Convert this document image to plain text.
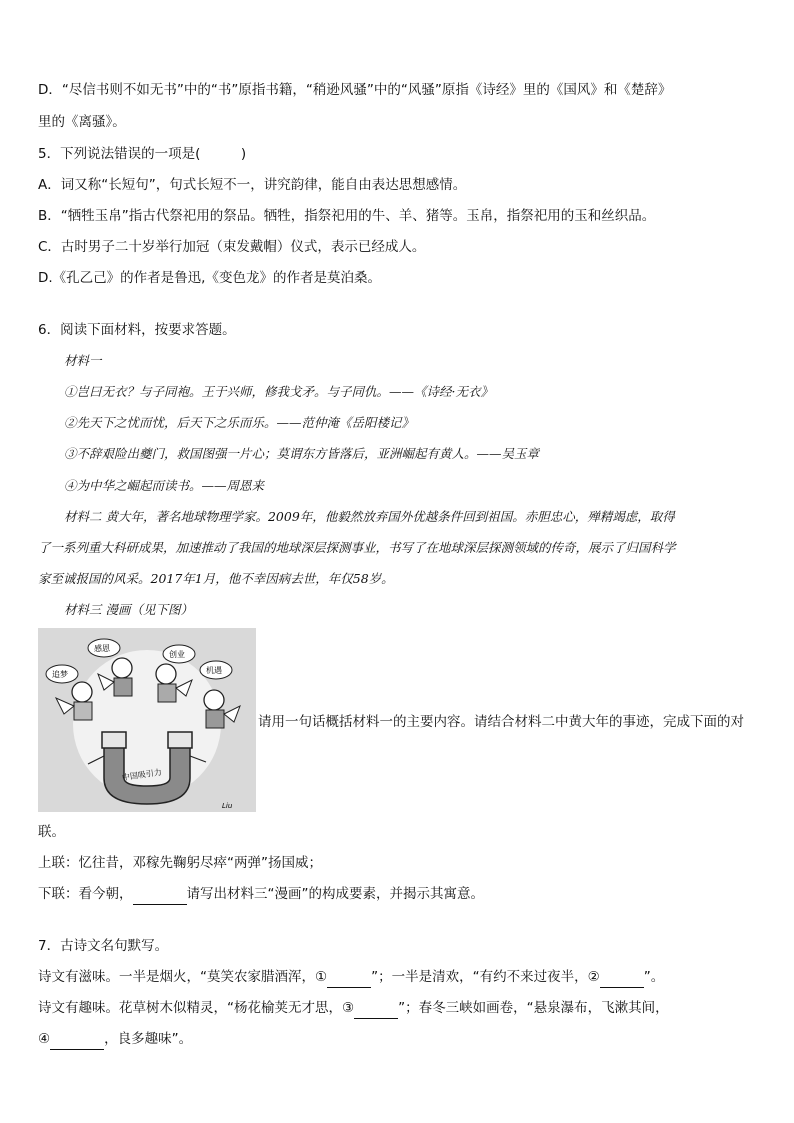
D．“尽信书则不如无书”中的“书”原指书籍，“稍逊风骚”中的“风骚”原指《诗经》里的《国风》和《楚辞》
里的《离骚》。
5．下列说法错误的一项是(　　　)
A．词又称“长短句”，句式长短不一，讲究韵律，能自由表达思想感情。
B．“牺牲玉帛”指古代祭祀用的祭品。牺牲，指祭祀用的牛、羊、猪等。玉帛，指祭祀用的玉和丝织品。
C．古时男子二十岁举行加冠（束发戴帽）仪式，表示已经成人。
D.《孔乙己》的作者是鲁迅,《变色龙》的作者是莫泊桑。
6．阅读下面材料，按要求答题。
材料一
①岂曰无衣？与子同袍。王于兴师，修我戈矛。与子同仇。——《诗经·无衣》
②先天下之忧而忧，后天下之乐而乐。——范仲淹《岳阳楼记》
③不辞艰险出夔门，救国图强一片心；莫谓东方皆落后，亚洲崛起有黄人。——吴玉章
④为中华之崛起而读书。——周恩来
材料二 黄大年，著名地球物理学家。2009年，他毅然放弃国外优越条件回到祖国。赤胆忠心，殚精竭虑，取得
了一系列重大科研成果，加速推动了我国的地球深层探测事业，书写了在地球深层探测领域的传奇，展示了归国科学
家至诚报国的风采。2017年1月，他不幸因病去世，年仅58岁。
材料三 漫画（见下图）
中国吸引力
感恩
创业
追梦	机遇
Liu
请用一句话概括材料一的主要内容。请结合材料二中黄大年的事迹，完成下面的对
联。
上联：忆往昔，邓稼先鞠躬尽瘁“两弹”扬国威；
下联：看今朝，	请写出材料三“漫画”的构成要素，并揭示其寓意。
7．古诗文名句默写。
诗文有滋味。一半是烟火，“莫笑农家腊酒浑，①	”；一半是清欢，“有约不来过夜半，②	”。
诗文有趣味。花草树木似精灵，“杨花榆荚无才思，③	”；春冬三峡如画卷，“悬泉瀑布，飞漱其间，
④	，良多趣味”。
